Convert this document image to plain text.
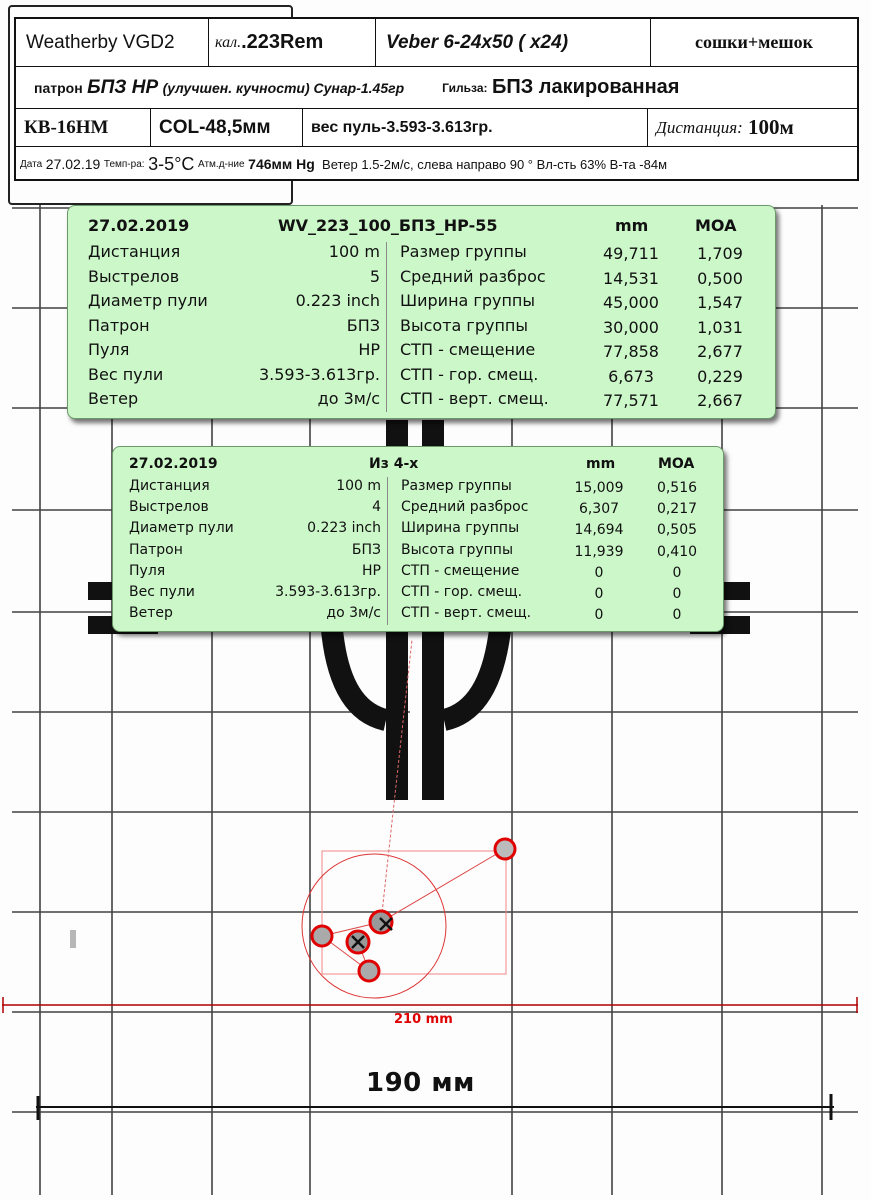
210 mm
190 мм
Weatherby VGD2	кал. .223Rem	Veber 6-24x50 ( x24)	сошки+мешок
патрон
БПЗ HP
(улучшен. кучности) Сунар-1.45гр	Гильза:
БПЗ лакированная
КВ-16НМ	COL-48,5мм	вес пуль-3.593-3.613гр.	Дистанция:
100м
Дата
27.02.19
Темп-ра:
3-5°C
Атм.д-ние
746мм Hg
Ветер 1.5-2м/с, слева направо 90 ° Вл-сть 63% В-та -84м
27.02.2019	WV_223_100_БПЗ_HP-55	mm	MOA
Дистанция	100 m
Выстрелов	5
Диаметр пули	0.223 inch
Патрон	БПЗ
Пуля	HP
Вес пули	3.593-3.613гр.
Ветер	до 3м/с
Размер группы	49,711	1,709
Средний разброс	14,531	0,500
Ширина группы	45,000	1,547
Высота группы	30,000	1,031
СТП - смещение	77,858	2,677
СТП - гор. смещ.	6,673	0,229
СТП - верт. смещ.	77,571	2,667
27.02.2019	Из 4-х	mm	MOA
Дистанция	100 m
Выстрелов	4
Диаметр пули	0.223 inch
Патрон	БПЗ
Пуля	HP
Вес пули	3.593-3.613гр.
Ветер	до 3м/с
Размер группы	15,009	0,516
Средний разброс	6,307	0,217
Ширина группы	14,694	0,505
Высота группы	11,939	0,410
СТП - смещение	0	0
СТП - гор. смещ.	0	0
СТП - верт. смещ.	0	0
